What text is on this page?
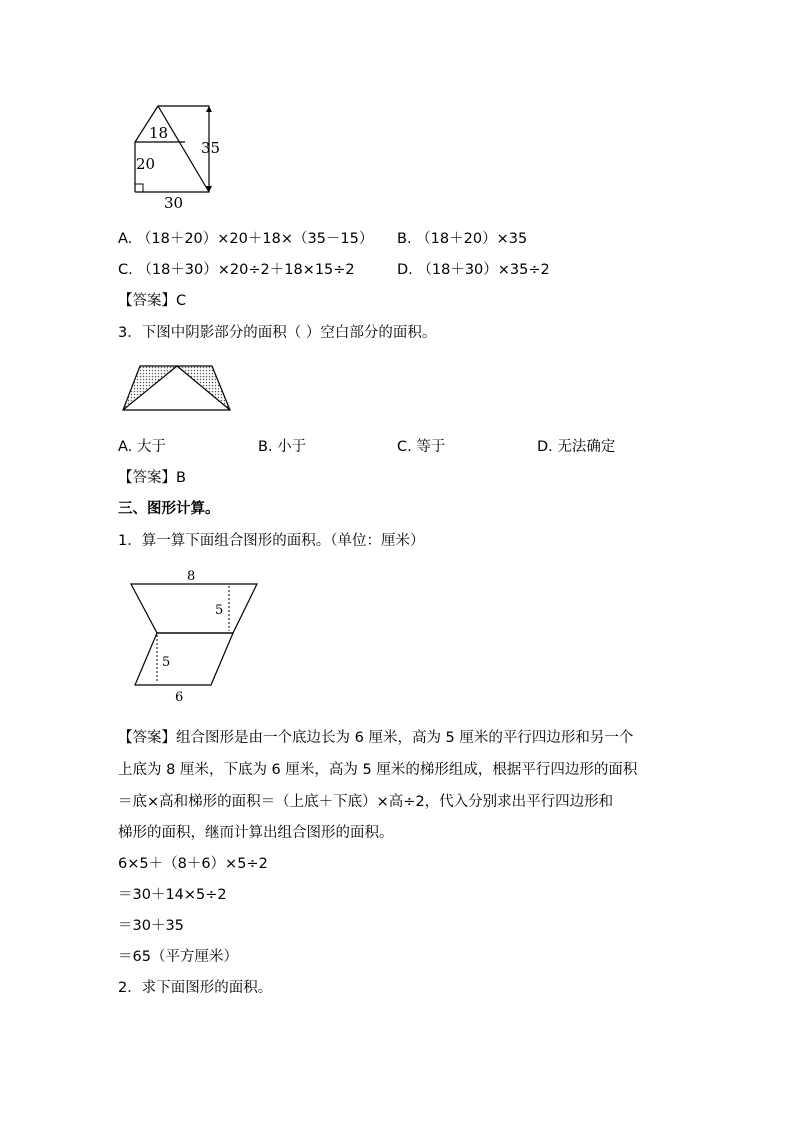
18
20
35
30
A. （18＋20）×20＋18×（35－15） B. （18＋20）×35
C. （18＋30）×20÷2＋18×15÷2	D. （18＋30）×35÷2
【答案】C
3．下图中阴影部分的面积（ ）空白部分的面积。
A. 大于	B. 小于	C. 等于	D. 无法确定
【答案】B
三、图形计算。
1．算一算下面组合图形的面积。（单位：厘米）
8
5
5
6
【答案】组合图形是由一个底边长为 6 厘米，高为 5 厘米的平行四边形和另一个
上底为 8 厘米，下底为 6 厘米，高为 5 厘米的梯形组成，根据平行四边形的面积
＝底×高和梯形的面积＝（上底＋下底）×高÷2，代入分别求出平行四边形和
梯形的面积，继而计算出组合图形的面积。
6×5＋（8＋6）×5÷2
＝30＋14×5÷2
＝30＋35
＝65（平方厘米）
2．求下面图形的面积。
